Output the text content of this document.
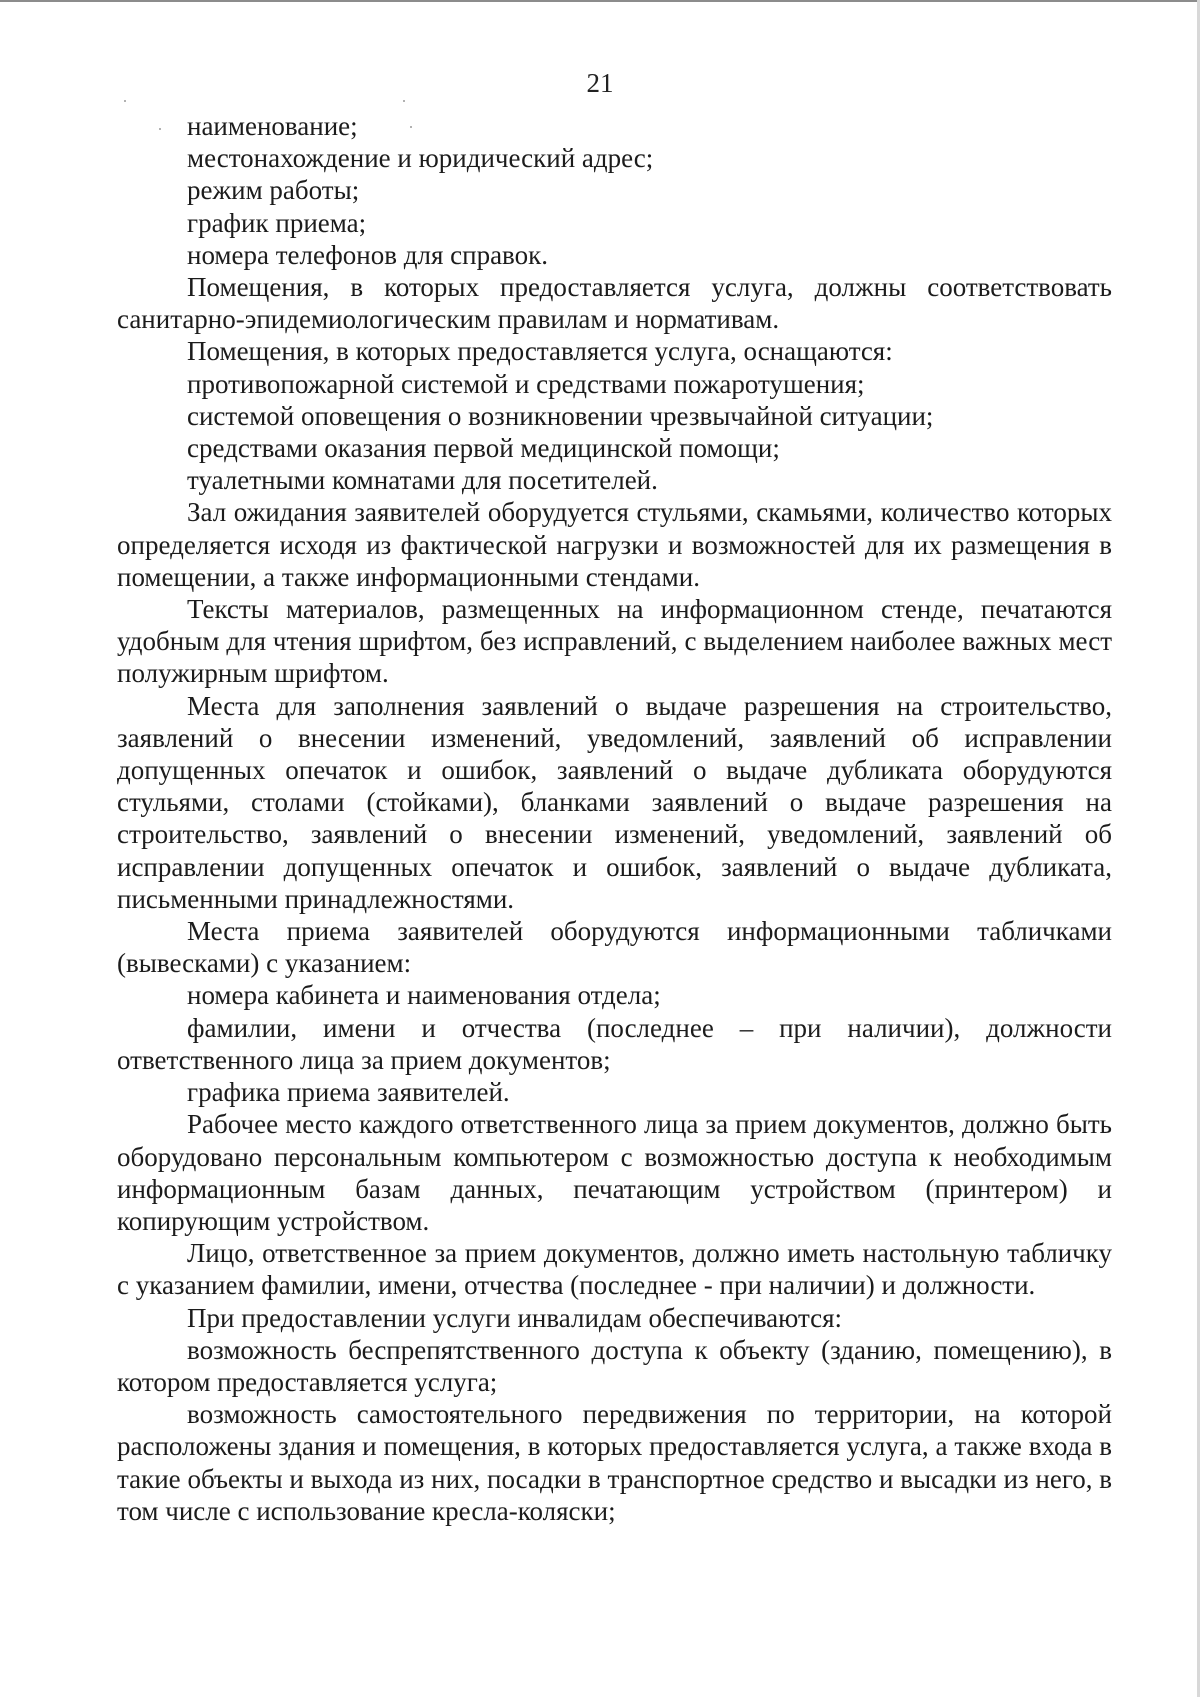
21

наименование;

местонахождение и юридический адрес;

режим работы;

график приема;

номера телефонов для справок.

Помещения, в которых предоставляется услуга, должны соответствовать санитарно-эпидемиологическим правилам и нормативам.

Помещения, в которых предоставляется услуга, оснащаются:

противопожарной системой и средствами пожаротушения;

системой оповещения о возникновении чрезвычайной ситуации;

средствами оказания первой медицинской помощи;

туалетными комнатами для посетителей.

Зал ожидания заявителей оборудуется стульями, скамьями, количество которых определяется исходя из фактической нагрузки и возможностей для их размещения в помещении, а также информационными стендами.

Тексты материалов, размещенных на информационном стенде, печатаются удобным для чтения шрифтом, без исправлений, с выделением наиболее важных мест полужирным шрифтом.

Места для заполнения заявлений о выдаче разрешения на строительство, заявлений о внесении изменений, уведомлений, заявлений об исправлении допущенных опечаток и ошибок, заявлений о выдаче дубликата оборудуются стульями, столами (стойками), бланками заявлений о выдаче разрешения на строительство, заявлений о внесении изменений, уведомлений, заявлений об исправлении допущенных опечаток и ошибок, заявлений о выдаче дубликата, письменными принадлежностями.

Места приема заявителей оборудуются информационными табличками (вывесками) с указанием:

номера кабинета и наименования отдела;

фамилии, имени и отчества (последнее – при наличии), должности ответственного лица за прием документов;

графика приема заявителей.

Рабочее место каждого ответственного лица за прием документов, должно быть оборудовано персональным компьютером с возможностью доступа к необходимым информационным базам данных, печатающим устройством (принтером) и копирующим устройством.

Лицо, ответственное за прием документов, должно иметь настольную табличку с указанием фамилии, имени, отчества (последнее - при наличии) и должности.

При предоставлении услуги инвалидам обеспечиваются:

возможность беспрепятственного доступа к объекту (зданию, помещению), в котором предоставляется услуга;

возможность самостоятельного передвижения по территории, на которой расположены здания и помещения, в которых предоставляется услуга, а также входа в такие объекты и выхода из них, посадки в транспортное средство и высадки из него, в том числе с использование кресла-коляски;
